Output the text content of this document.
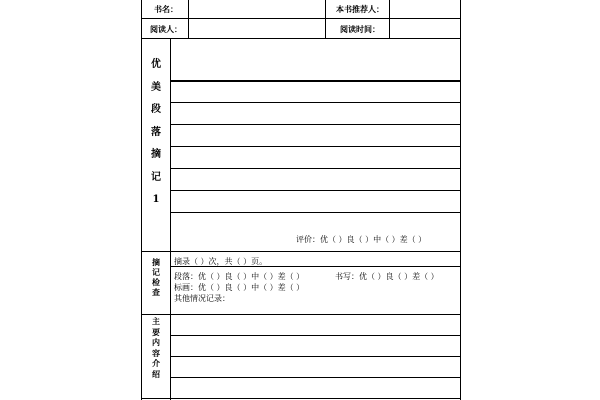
书名：	本书推荐人：
阅读人：	阅读时间：
优
美
段
落
摘
记
1
评价：优（ ）良（ ）中（ ）差（ ）
摘
记
检
查
摘录（ ）次，共（ ）页。
段落：优（ ）良（ ）中（ ）差（ ）	书写：优（ ）良（ ）差（ ）
标画：优（ ）良（ ）中（ ）差（ ）
其他情况记录：
主
要
内
容
介
绍
